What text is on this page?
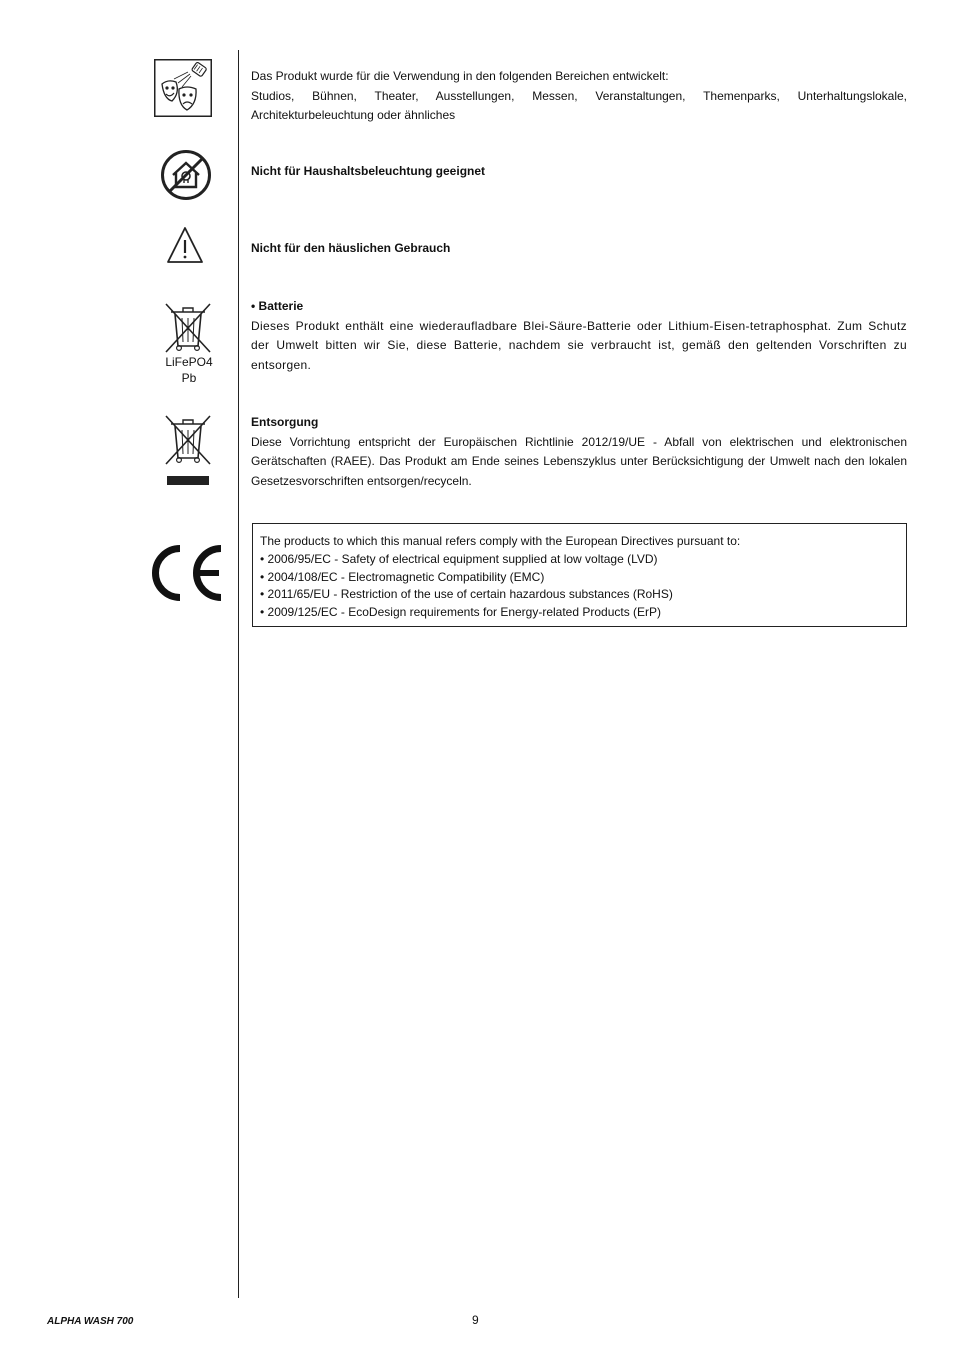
Das Produkt wurde für die Verwendung in den folgenden Bereichen entwickelt:

Studios, Bühnen, Theater, Ausstellungen, Messen, Veranstaltungen, Themenparks, Unterhaltungslokale, Architekturbeleuchtung oder ähnliches

Nicht für Haushaltsbeleuchtung geeignet
Nicht für den häuslichen Gebrauch
LiFePO4
Pb

• Batterie

Dieses Produkt enthält eine wiederaufladbare Blei-Säure-Batterie oder Lithium-Eisen-tetraphosphat. Zum Schutz der Umwelt bitten wir Sie, diese Batterie, nachdem sie verbraucht ist, gemäß den geltenden Vorschriften zu entsorgen.

Entsorgung

Diese Vorrichtung entspricht der Europäischen Richtlinie 2012/19/UE - Abfall von elektrischen und elektronischen Gerätschaften (RAEE). Das Produkt am Ende seines Lebenszyklus unter Berücksichtigung der Umwelt nach den lokalen Gesetzesvorschriften entsorgen/recyceln.

The products to which this manual refers comply with the European Directives pursuant to:

• 2006/95/EC - Safety of electrical equipment supplied at low voltage (LVD)

• 2004/108/EC - Electromagnetic Compatibility (EMC)

• 2011/65/EU - Restriction of the use of certain hazardous substances (RoHS)

• 2009/125/EC - EcoDesign requirements for Energy-related Products (ErP)

ALPHA WASH 700	9
